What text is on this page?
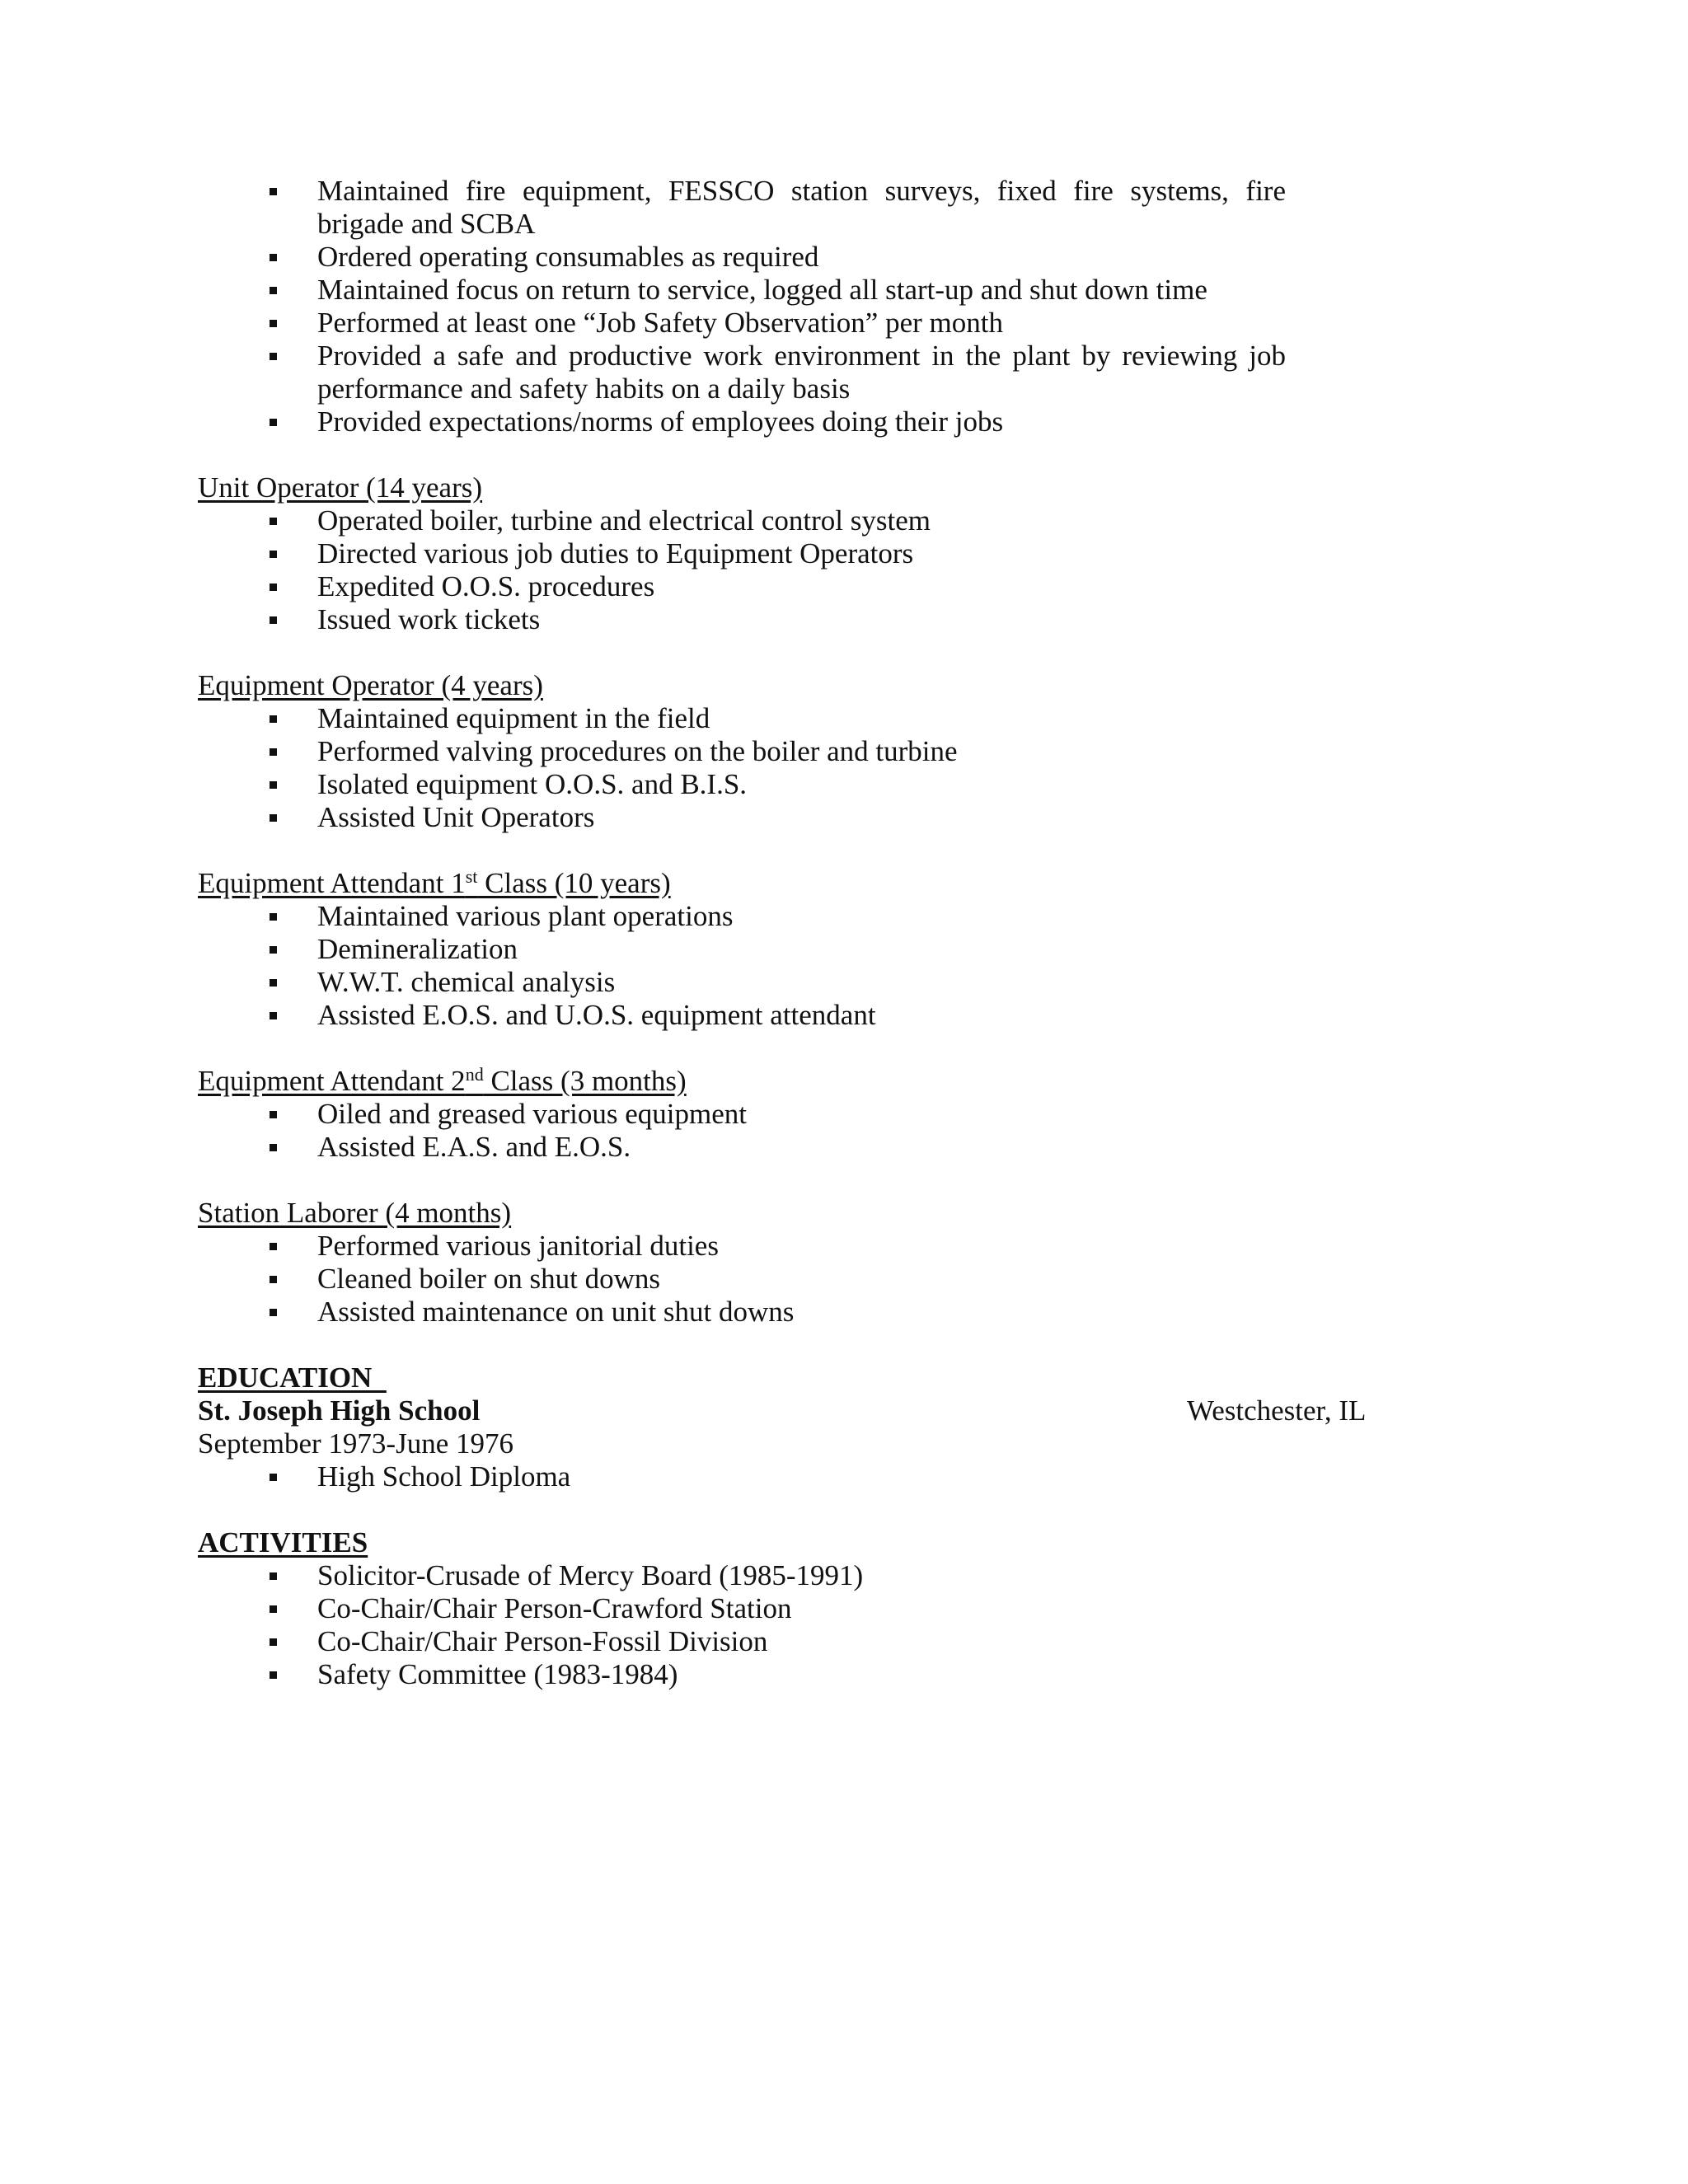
Maintained fire equipment, FESSCO station surveys, fixed fire systems, fire brigade and SCBA
Ordered operating consumables as required
Maintained focus on return to service, logged all start-up and shut down time
Performed at least one “Job Safety Observation” per month
Provided a safe and productive work environment in the plant by reviewing job performance and safety habits on a daily basis
Provided expectations/norms of employees doing their jobs
Unit Operator (14 years)
Operated boiler, turbine and electrical control system
Directed various job duties to Equipment Operators
Expedited O.O.S. procedures
Issued work tickets
Equipment Operator (4 years)
Maintained equipment in the field
Performed valving procedures on the boiler and turbine
Isolated equipment O.O.S. and B.I.S.
Assisted Unit Operators
Equipment Attendant 1st Class (10 years)
Maintained various plant operations
Demineralization
W.W.T. chemical analysis
Assisted E.O.S. and U.O.S. equipment attendant
Equipment Attendant 2nd Class (3 months)
Oiled and greased various equipment
Assisted E.A.S. and E.O.S.
Station Laborer (4 months)
Performed various janitorial duties
Cleaned boiler on shut downs
Assisted maintenance on unit shut downs
EDUCATION
St. Joseph High School	Westchester, IL
September 1973-June 1976
High School Diploma
ACTIVITIES
Solicitor-Crusade of Mercy Board (1985-1991)
Co-Chair/Chair Person-Crawford Station
Co-Chair/Chair Person-Fossil Division
Safety Committee (1983-1984)
